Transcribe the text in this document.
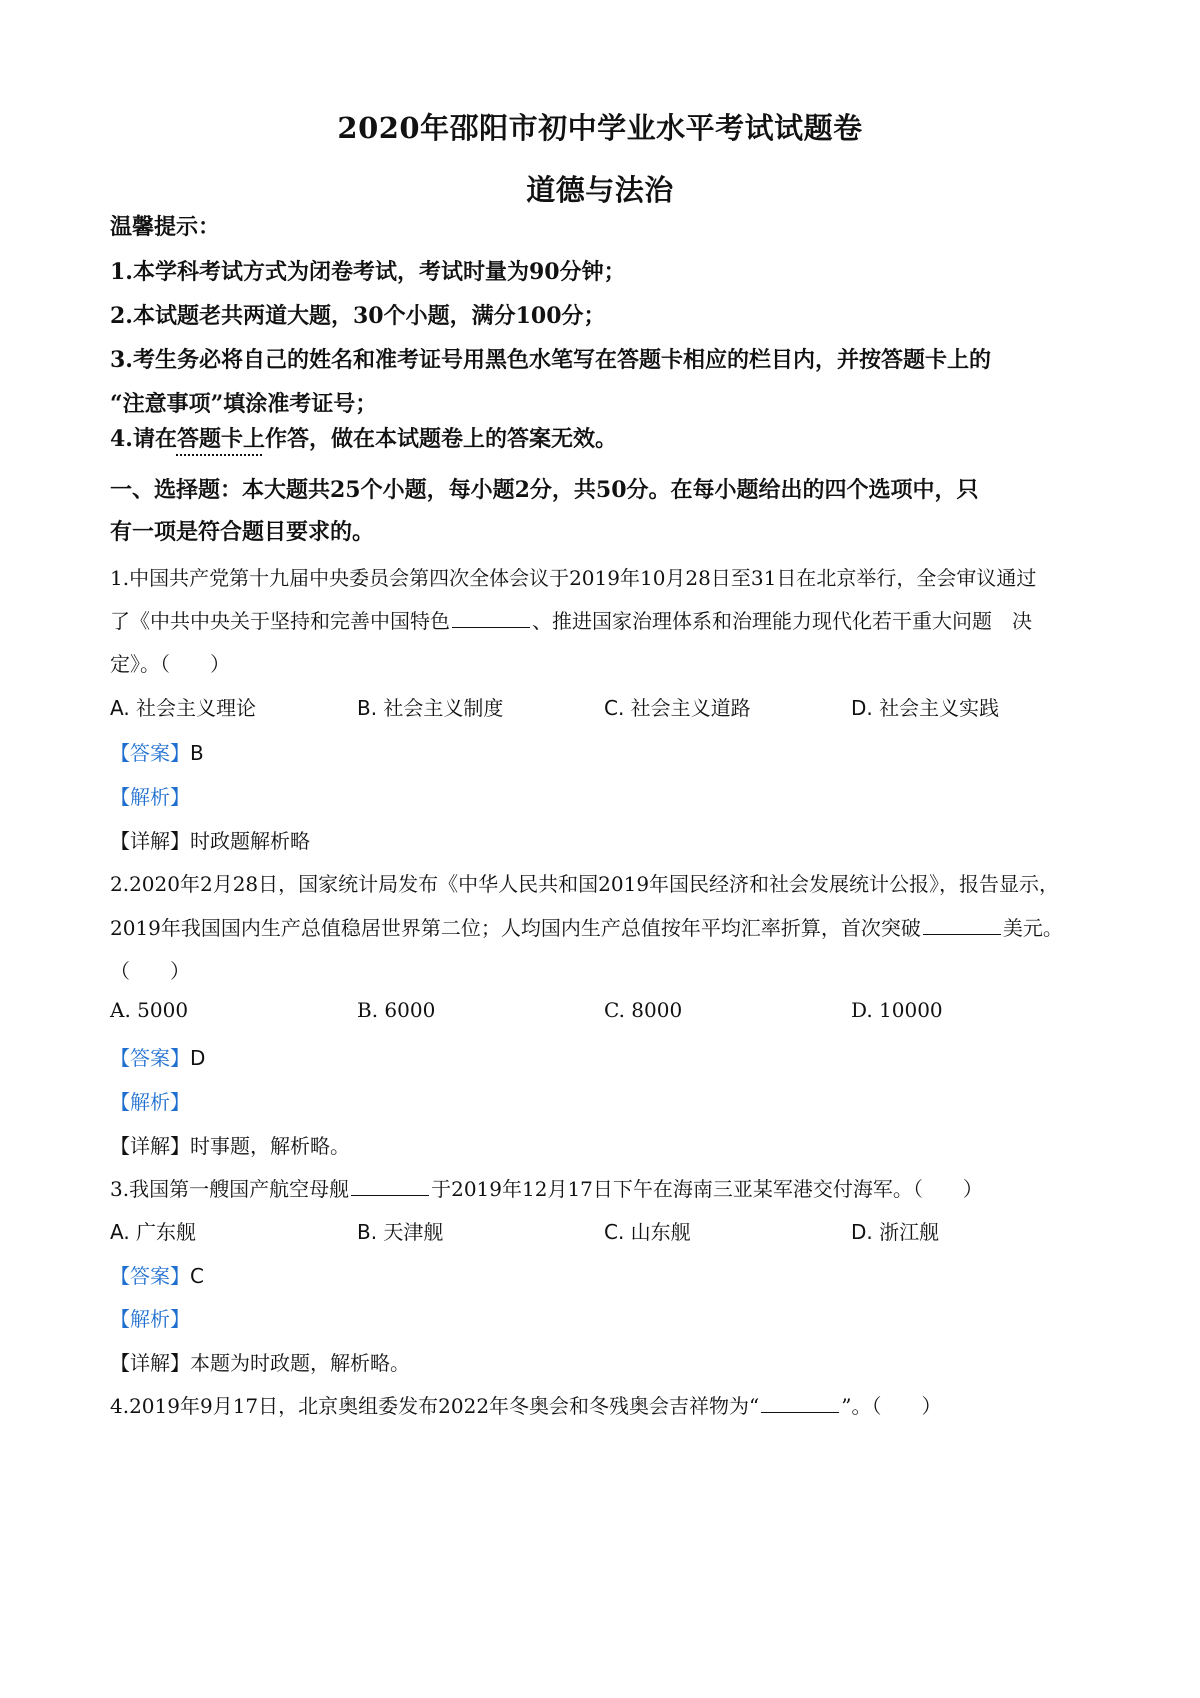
2020年邵阳市初中学业水平考试试题卷
道德与法治
温馨提示：
1.本学科考试方式为闭卷考试，考试时量为90分钟；
2.本试题老共两道大题，30个小题，满分100分；
3.考生务必将自己的姓名和准考证号用黑色水笔写在答题卡相应的栏目内，并按答题卡上的
“注意事项”填涂准考证号；
4.请在答题卡上作答，做在本试题卷上的答案无效。
一、选择题：本大题共25个小题，每小题2分，共50分。在每小题给出的四个选项中，只
有一项是符合题目要求的。
1.中国共产党第十九届中央委员会第四次全体会议于2019年10月28日至31日在北京举行，全会审议通过
了《中共中央关于坚持和完善中国特色	、推进国家治理体系和治理能力现代化若干重大问题　决
定》。（　　）
A. 社会主义理论	B. 社会主义制度	C. 社会主义道路	D. 社会主义实践
【答案】B
【解析】
【详解】时政题解析略
2.2020年2月28日，国家统计局发布《中华人民共和国2019年国民经济和社会发展统计公报》，报告显示，
2019年我国国内生产总值稳居世界第二位；人均国内生产总值按年平均汇率折算，首次突破	美元。
（　　）
A. 5000	B. 6000	C. 8000	D. 10000
【答案】D
【解析】
【详解】时事题，解析略。
3.我国第一艘国产航空母舰	于2019年12月17日下午在海南三亚某军港交付海军。（　　）
A. 广东舰	B. 天津舰	C. 山东舰	D. 浙江舰
【答案】C
【解析】
【详解】本题为时政题，解析略。
4.2019年9月17日，北京奥组委发布2022年冬奥会和冬残奥会吉祥物为“	”。（　　）
